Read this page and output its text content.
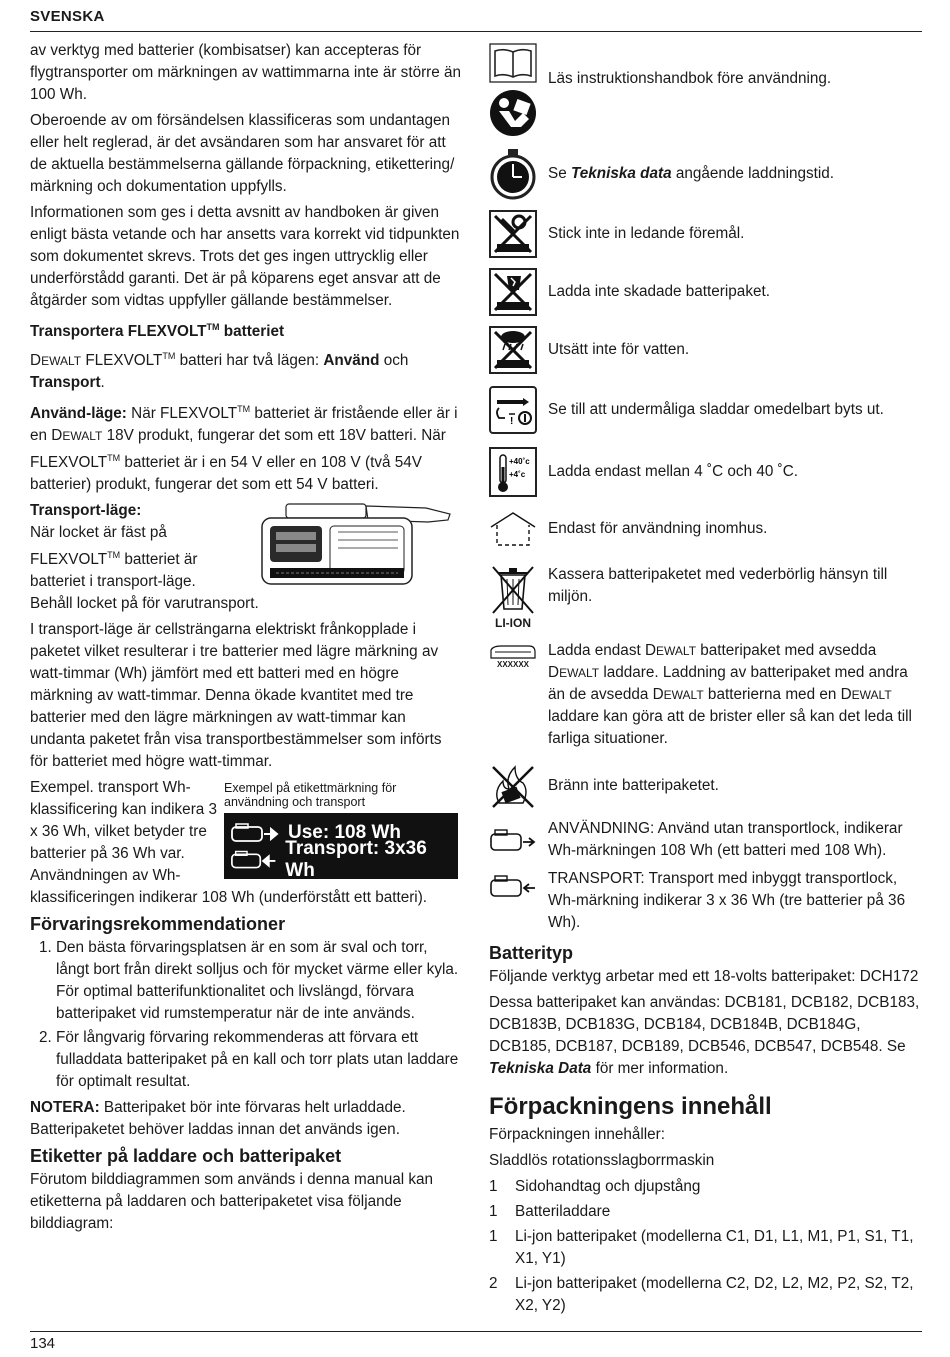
SVENSKA

av verktyg med batterier (kombisatser) kan accepteras för flygtransporter om märkningen av wattimmarna inte är större än 100 Wh.

Oberoende av om försändelsen klassificeras som undantagen eller helt reglerad, är det avsändaren som har ansvaret för att de aktuella bestämmelserna gällande förpackning, etikettering/ märkning och dokumentation uppfylls.

Informationen som ges i detta avsnitt av handboken är given enligt bästa vetande och har ansetts vara korrekt vid tidpunkten som dokumentet skrevs. Trots det ges ingen uttrycklig eller underförstådd garanti. Det är på köparens eget ansvar att de åtgärder som vidtas uppfyller gällande bestämmelser.

Transportera FLEXVOLT™ batteriet

DEWALT FLEXVOLT™ batteri har två lägen: Använd och Transport.

Använd-läge: När FLEXVOLT™ batteriet är fristående eller är i en DEWALT 18V produkt, fungerar det som ett 18V batteri. När FLEXVOLT™ batteriet är i en 54 V eller en 108 V (två 54V batterier) produkt, fungerar det som ett 54 V batteri.

Transport-läge:
När locket är fäst på
FLEXVOLT™ batteriet är
batteriet i transport-läge.

Behåll locket på för varutransport.

I transport-läge är cellsträngarna elektriskt frånkopplade i paketet vilket resulterar i tre batterier med lägre märkning av watt-timmar (Wh) jämfört med ett batteri med en högre märkning av watt-timmar. Denna ökade kvantitet med tre batterier med den lägre märkningen av watt-timmar kan undanta paketet från visa transportbestämmelser som införts för batteriet med högre watt-timmar.

Exempel på etikettmärkning för användning och transport
Use: 108 Wh
Transport: 3x36 Wh

Exempel. transport Wh-klassificering kan indikera 3 x 36 Wh, vilket betyder tre batterier på 36 Wh var. Användningen av Wh-klassificeringen indikerar 108 Wh (underförstått ett batteri).

Förvaringsrekommendationer
1. Den bästa förvaringsplatsen är en som är sval och torr, långt bort från direkt solljus och för mycket värme eller kyla. För optimal batterifunktionalitet och livslängd, förvara batteripaket vid rumstemperatur när de inte används.
2. För långvarig förvaring rekommenderas att förvara ett fulladdata batteripaket på en kall och torr plats utan laddare för optimalt resultat.

NOTERA: Batteripaket bör inte förvaras helt urladdade. Batteripaketet behöver laddas innan det används igen.

Etiketter på laddare och batteripaket

Förutom bilddiagrammen som används i denna manual kan etiketterna på laddaren och batteripaketet visa följande bilddiagram:

Läs instruktionshandbok före användning.
Se Tekniska data angående laddningstid.
Stick inte in ledande föremål.
Ladda inte skadade batteripaket.
Utsätt inte för vatten.
!
Se till att undermåliga sladdar omedelbart byts ut.
+40˚c
+4˚c Ladda endast mellan 4 ˚C och 40 ˚C.
Endast för användning inomhus.
LI-ION
Kassera batteripaketet med vederbörlig hänsyn till miljön.
XXXXXX
Ladda endast DEWALT batteripaket med avsedda DEWALT laddare. Laddning av batteripaket med andra än de avsedda DEWALT batterierna med en DEWALT laddare kan göra att de brister eller så kan det leda till farliga situationer.
Bränn inte batteripaketet.
ANVÄNDNING: Använd utan transportlock, indikerar Wh-märkningen 108 Wh (ett batteri med 108 Wh).
TRANSPORT: Transport med inbyggt transportlock, Wh-märkning indikerar 3 x 36 Wh (tre batterier på 36 Wh).
Batterityp

Följande verktyg arbetar med ett 18-volts batteripaket: DCH172

Dessa batteripaket kan användas: DCB181, DCB182, DCB183, DCB183B, DCB183G, DCB184, DCB184B, DCB184G, DCB185, DCB187, DCB189, DCB546, DCB547, DCB548. Se Tekniska Data för mer information.

Förpackningens innehåll

Förpackningen innehåller:

Sladdlös rotationsslagborrmaskin

1	Sidohandtag och djupstång
1	Batteriladdare
1	Li-jon batteripaket (modellerna C1, D1, L1, M1, P1, S1, T1, X1, Y1)
2	Li-jon batteripaket (modellerna C2, D2, L2, M2, P2, S2, T2, X2, Y2)
134
